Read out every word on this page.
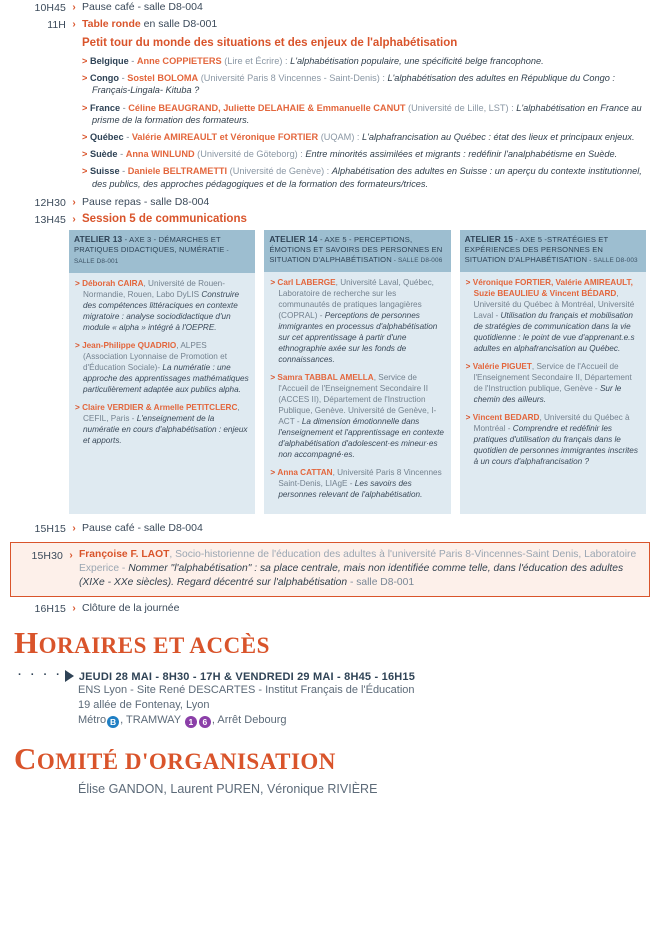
10H45 › Pause café - salle D8-004
11H › Table ronde en salle D8-001
Petit tour du monde des situations et des enjeux de l'alphabétisation
> Belgique - Anne COPPIETERS (Lire et Écrire) : L'alphabétisation populaire, une spécificité belge francophone.
> Congo - Sostel BOLOMA (Université Paris 8 Vincennes - Saint-Denis) : L'alphabétisation des adultes en République du Congo : Français-Lingala- Kituba ?
> France - Céline BEAUGRAND, Juliette DELAHAIE & Emmanuelle CANUT (Université de Lille, LST) : L'alphabétisation en France au prisme de la formation des formateurs.
> Québec - Valérie AMIREAULT et Véronique FORTIER (UQAM) : L'alphafrancisation au Québec : état des lieux et principaux enjeux.
> Suède - Anna WINLUND (Université de Göteborg) : Entre minorités assimilées et migrants : redéfinir l'analphabétisme en Suède.
> Suisse - Daniele BELTRAMETTI (Université de Genève) : Alphabétisation des adultes en Suisse : un aperçu du contexte institutionnel, des publics, des approches pédagogiques et de la formation des formateurs/trices.
12H30 › Pause repas - salle D8-004
13H45 › Session 5 de communications
ATELIER 13 - AXE 3 - DÉMARCHES ET PRATIQUES DIDACTIQUES, NUMÉRATIE - SALLE D8-001
> Déborah CAIRA, Université de Rouen-Normandie, Rouen, Labo DyLIS Construire des compétences littéraciques en contexte migratoire : analyse sociodidactique d'un module « alpha » intégré à l'OEPRE.
> Jean-Philippe QUADRIO, ALPES (Association Lyonnaise de Promotion et d'Éducation Sociale)- La numératie : une approche des apprentissages mathématiques particulièrement adaptée aux publics alpha.
> Claire VERDIER & Armelle PETITCLERC, CEFIL, Paris - L'enseignement de la numératie en cours d'alphabétisation : enjeux et apports.
ATELIER 14 - AXE 5 - PERCEPTIONS, ÉMOTIONS ET SAVOIRS DES PERSONNES EN SITUATION D'ALPHABÉTISATION - SALLE D8-006
> Carl LABERGE, Université Laval, Québec, Laboratoire de recherche sur les communautés de pratiques langagières (COPRAL) - Perceptions de personnes immigrantes en processus d'alphabétisation sur cet apprentissage à partir d'une ethnographie axée sur les fonds de connaissances.
> Samra TABBAL AMELLA, Service de l'Accueil de l'Enseignement Secondaire II (ACCES II), Département de l'Instruction Publique, Genève. Université de Genève, I-ACT - La dimension émotionnelle dans l'enseignement et l'apprentissage en contexte d'alphabétisation d'adolescent·es mineur·es non accompagné·es.
> Anna CATTAN, Université Paris 8 Vincennes Saint-Denis, LIAgE - Les savoirs des personnes relevant de l'alphabétisation.
ATELIER 15 - AXE 5 -STRATÉGIES ET EXPÉRIENCES DES PERSONNES EN SITUATION D'ALPHABÉTISATION - SALLE D8-003
> Véronique FORTIER, Valérie AMIREAULT, Suzie BEAULIEU & Vincent BÉDARD, Université du Québec à Montréal, Université Laval - Utilisation du français et mobilisation de stratégies de communication dans la vie quotidienne : le point de vue d'apprenant.e.s adultes en alphafrancisation au Québec.
> Valérie PIGUET, Service de l'Accueil de l'Enseignement Secondaire II, Département de l'Instruction publique, Genève - Sur le chemin des ailleurs.
> Vincent BEDARD, Université du Québec à Montréal - Comprendre et redéfinir les pratiques d'utilisation du français dans le quotidien de personnes immigrantes inscrites à un cours d'alphafrancisation ?
15H15 › Pause café - salle D8-004
15H30 › Françoise F. LAOT, Socio-historienne de l'éducation des adultes à l'université Paris 8-Vincennes-Saint Denis, Laboratoire Experice - Nommer "l'alphabétisation" : sa place centrale, mais non identifiée comme telle, dans l'éducation des adultes (XIXe - XXe siècles). Regard décentré sur l'alphabétisation - salle D8-001
16H15 › Clôture de la journée
HORAIRES ET ACCÈS
· · · · JEUDI 28 MAI - 8H30 - 17H & VENDREDI 29 MAI - 8H45 - 16H15
ENS Lyon - Site René DESCARTES - Institut Français de l'Éducation
19 allée de Fontenay, Lyon
Métro B , TRAMWAY 1 6 , Arrêt Debourg
COMITÉ D'ORGANISATION
Élise GANDON, Laurent PUREN, Véronique RIVIÈRE
